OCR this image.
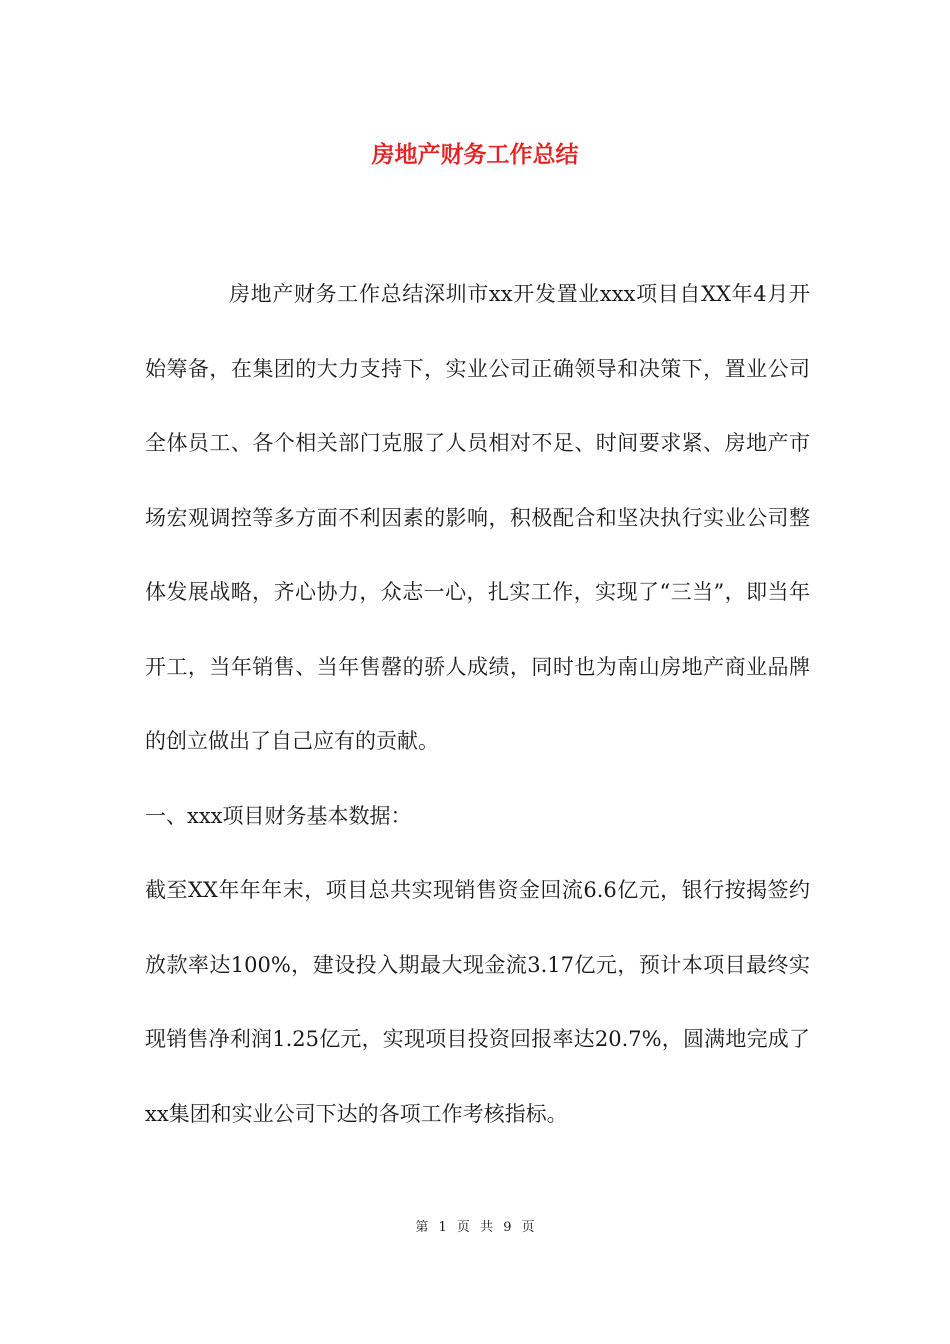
房地产财务工作总结

房地产财务工作总结深圳市xx开发置业xxx项目自XX年4月开始筹备，在集团的大力支持下，实业公司正确领导和决策下，置业公司全体员工、各个相关部门克服了人员相对不足、时间要求紧、房地产市场宏观调控等多方面不利因素的影响，积极配合和坚决执行实业公司整体发展战略，齐心协力，众志一心，扎实工作，实现了“三当”，即当年开工，当年销售、当年售罄的骄人成绩，同时也为南山房地产商业品牌的创立做出了自己应有的贡献。

一、xxx项目财务基本数据：

截至XX年年年末，项目总共实现销售资金回流6.6亿元，银行按揭签约放款率达100%，建设投入期最大现金流3.17亿元，预计本项目最终实现销售净利润1.25亿元，实现项目投资回报率达20.7%，圆满地完成了xx集团和实业公司下达的各项工作考核指标。

第 1 页 共 9 页
